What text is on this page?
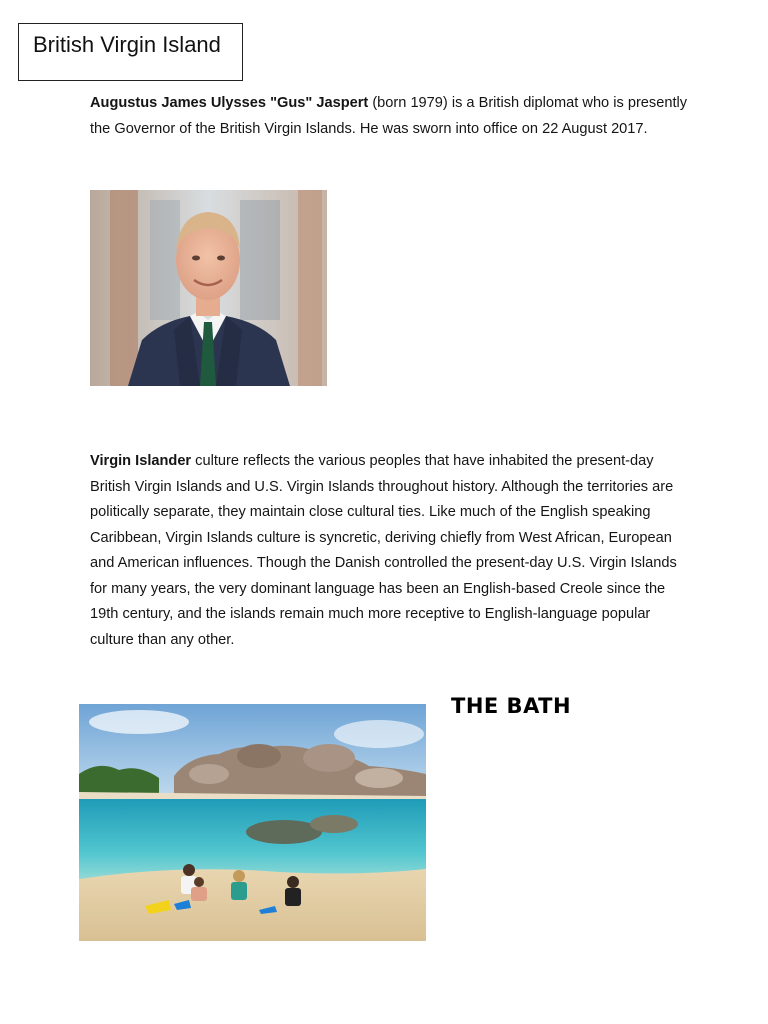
British Virgin Island
Augustus James Ulysses "Gus" Jaspert (born 1979) is a British diplomat who is presently the Governor of the British Virgin Islands. He was sworn into office on 22 August 2017.
Virgin Islander culture reflects the various peoples that have inhabited the present-day British Virgin Islands and U.S. Virgin Islands throughout history. Although the territories are politically separate, they maintain close cultural ties. Like much of the English speaking Caribbean, Virgin Islands culture is syncretic, deriving chiefly from West African, European and American influences. Though the Danish controlled the present-day U.S. Virgin Islands for many years, the very dominant language has been an English-based Creole since the 19th century, and the islands remain much more receptive to English-language popular culture than any other.
THE BATH
